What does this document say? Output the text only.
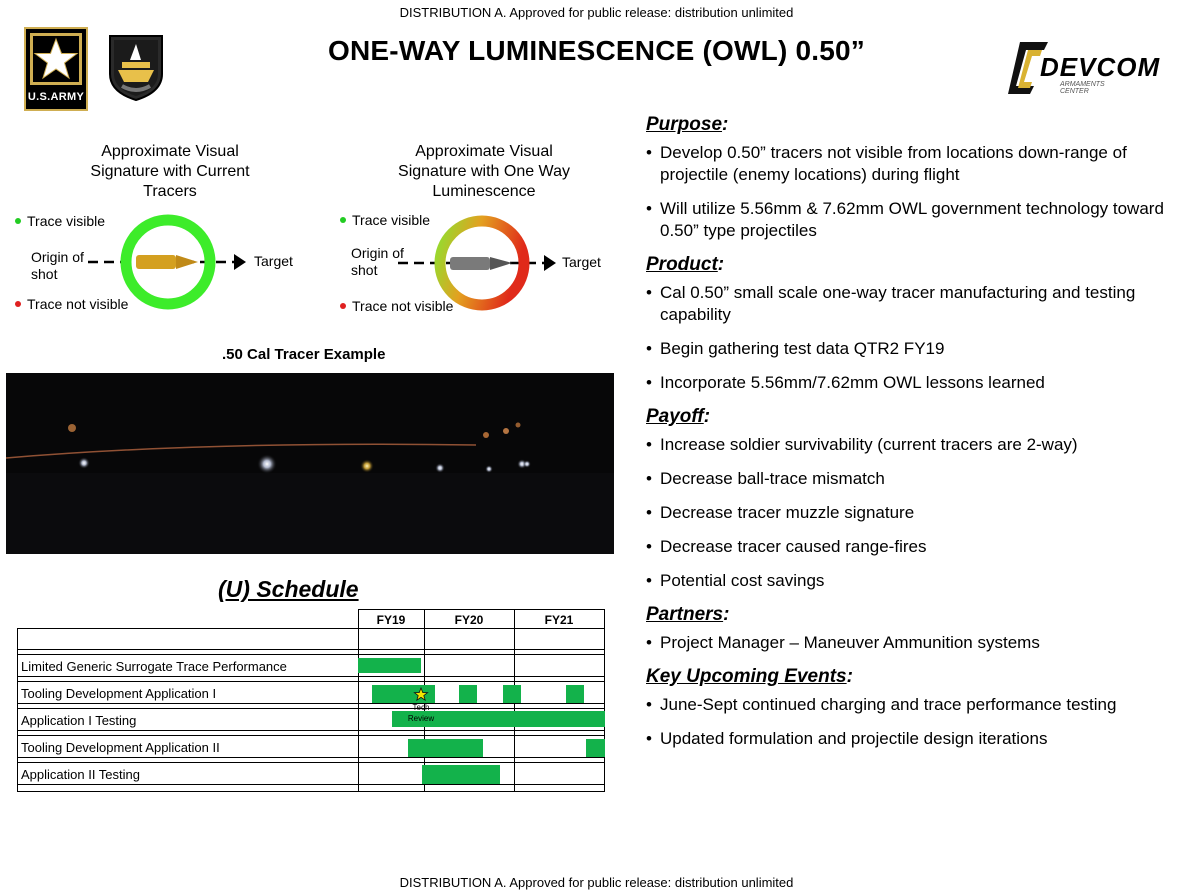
DISTRIBUTION A. Approved for public release: distribution unlimited
DISTRIBUTION A. Approved for public release: distribution unlimited
ONE-WAY LUMINESCENCE (OWL) 0.50”
U.S.ARMY
DEVCOM
ARMAMENTS
CENTER
Approximate Visual
Signature with Current
Tracers
Trace visible
Trace not visible
Origin of
shot
Target
Approximate Visual
Signature with One Way
Luminescence
Trace visible
Trace not visible
Origin of
shot	Target
.50 Cal Tracer Example
(U) Schedule
FY19	FY20	FY21
Limited Generic Surrogate Trace Performance
Tooling Development Application I
Application I Testing
Tooling Development Application II
Application II Testing
Tech
Review
Purpose:
• Develop 0.50” tracers not visible from locations down-range of projectile (enemy locations) during flight
• Will utilize 5.56mm & 7.62mm OWL government technology toward 0.50” type projectiles
Product:
• Cal 0.50” small scale one-way tracer manufacturing and testing capability
• Begin gathering test data QTR2 FY19
• Incorporate 5.56mm/7.62mm OWL lessons learned
Payoff:
• Increase soldier survivability (current tracers are 2-way)
• Decrease ball-trace mismatch
• Decrease tracer muzzle signature
• Decrease tracer caused range-fires
• Potential cost savings
Partners:
• Project Manager – Maneuver Ammunition systems
Key Upcoming Events:
• June-Sept continued charging and trace performance testing
• Updated formulation and projectile design iterations
